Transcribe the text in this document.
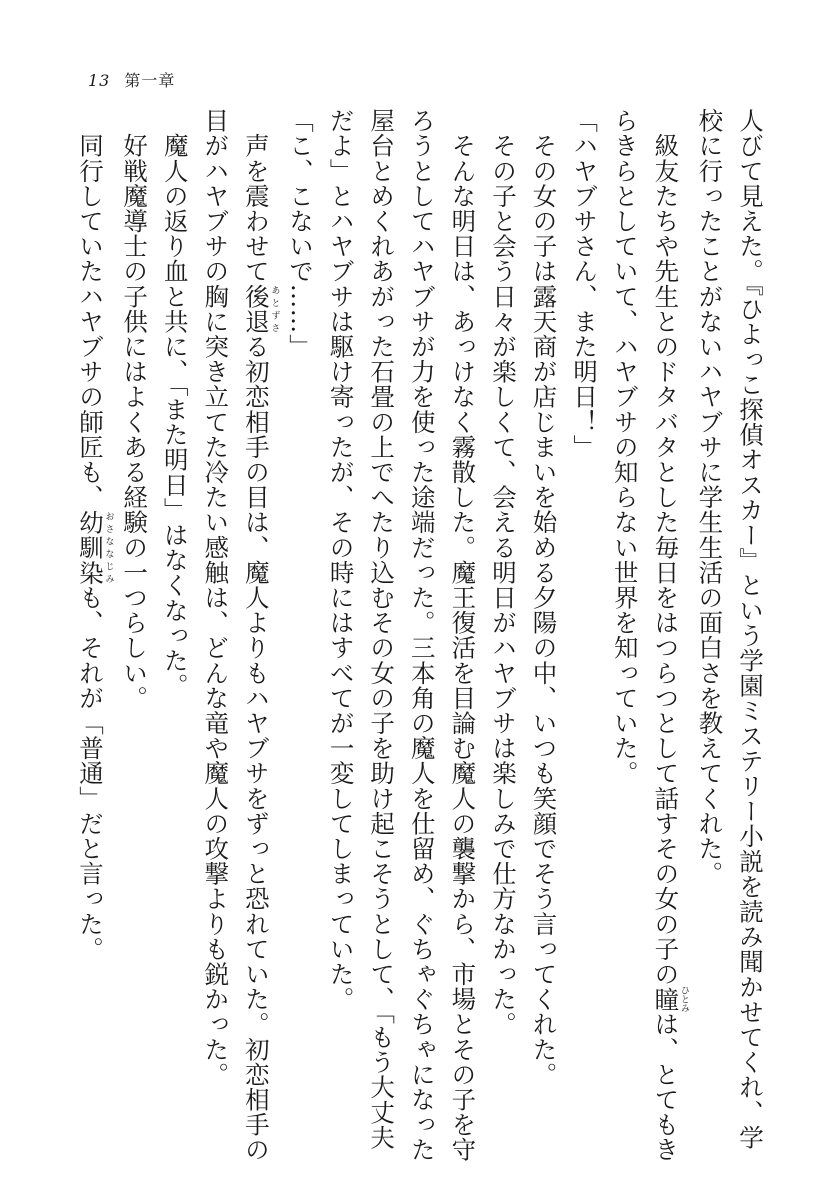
13 第一章
人びて見えた。『ひよっこ探偵オスカー』という学園ミステリー小説を読み聞かせてくれ、学
校に行ったことがないハヤブサに学生生活の面白さを教えてくれた。
　級友たちや先生とのドタバタとした毎日をはつらつとして話すその女の子の瞳ひとみは、とてもき
らきらとしていて、ハヤブサの知らない世界を知っていた。
「ハヤブサさん、また明日！」
　その女の子は露天商が店じまいを始める夕陽の中、いつも笑顔でそう言ってくれた。
　その子と会う日々が楽しくて、会える明日がハヤブサは楽しみで仕方なかった。
　そんな明日は、あっけなく霧散した。魔王復活を目論む魔人の襲撃から、市場とその子を守
ろうとしてハヤブサが力を使った途端だった。三本角の魔人を仕留め、ぐちゃぐちゃになった
屋台とめくれあがった石畳の上でへたり込むその女の子を助け起こそうとして、「もう大丈夫
だよ」とハヤブサは駆け寄ったが、その時にはすべてが一変してしまっていた。
「こ、こないで……」
　声を震わせて後退あとずさる初恋相手の目は、魔人よりもハヤブサをずっと恐れていた。初恋相手の
目がハヤブサの胸に突き立てた冷たい感触は、どんな竜や魔人の攻撃よりも鋭かった。
　魔人の返り血と共に、「また明日」はなくなった。
　好戦魔導士の子供にはよくある経験の一つらしい。
　同行していたハヤブサの師匠も、幼馴染おさななじみも、それが「普通」だと言った。
